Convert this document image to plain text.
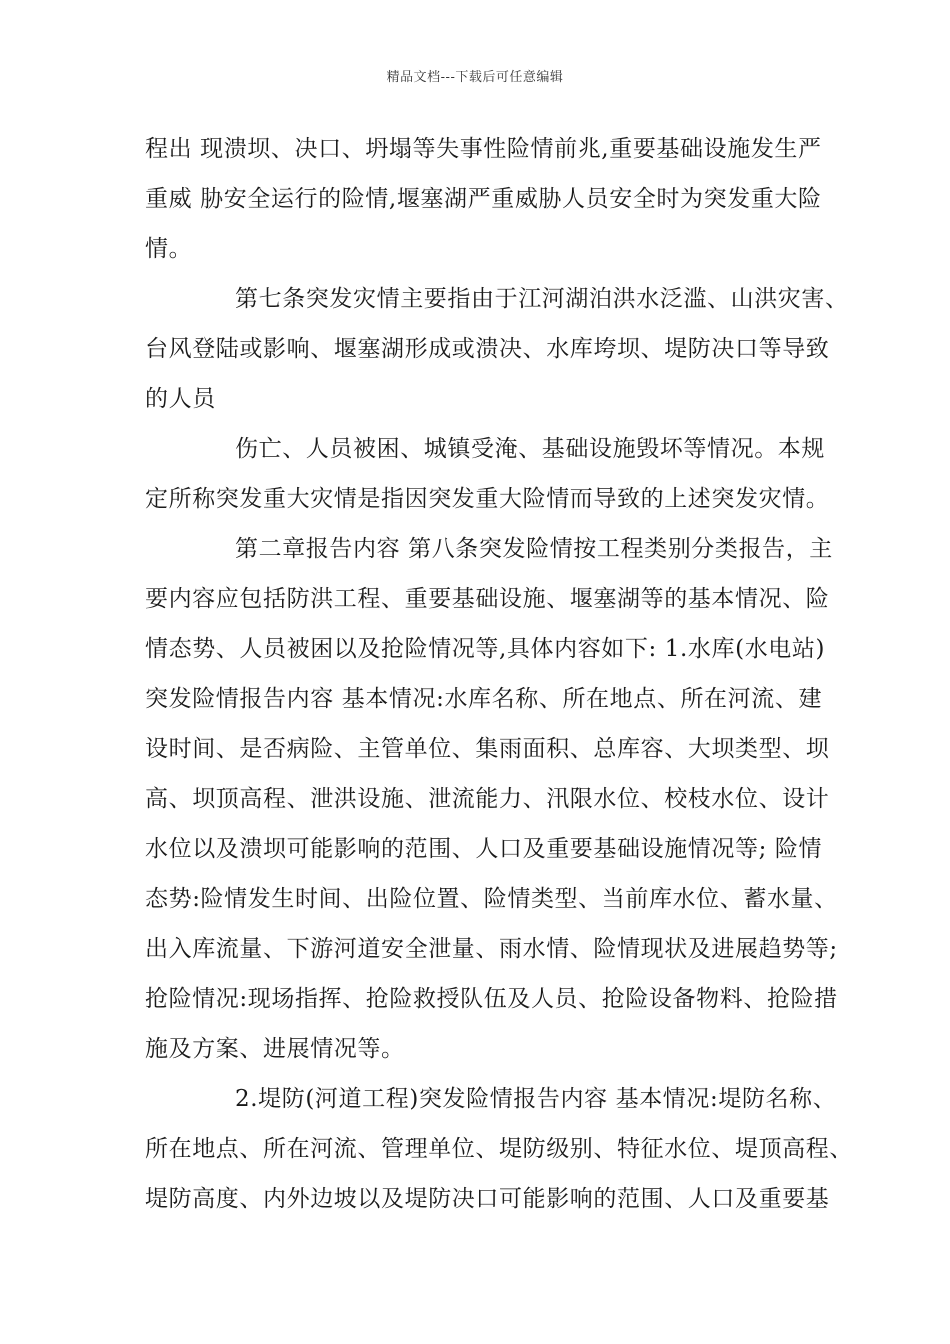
精品文档---下载后可任意编辑
程出 现溃坝、决口、坍塌等失事性险情前兆,重要基础设施发生严
重威 胁安全运行的险情,堰塞湖严重威胁人员安全时为突发重大险
情。
第七条突发灾情主要指由于江河湖泊洪水泛滥、山洪灾害、
台风登陆或影响、堰塞湖形成或溃决、水库垮坝、堤防决口等导致
的人员
伤亡、人员被困、城镇受淹、基础设施毁坏等情况。本规
定所称突发重大灾情是指因突发重大险情而导致的上述突发灾情。
第二章报告内容 第八条突发险情按工程类别分类报告，主
要内容应包括防洪工程、重要基础设施、堰塞湖等的基本情况、险
情态势、人员被困以及抢险情况等,具体内容如下: 1.水库(水电站)
突发险情报告内容 基本情况:水库名称、所在地点、所在河流、建
设时间、是否病险、主管单位、集雨面积、总库容、大坝类型、坝
高、坝顶高程、泄洪设施、泄流能力、汛限水位、校枝水位、设计
水位以及溃坝可能影响的范围、人口及重要基础设施情况等; 险情
态势:险情发生时间、出险位置、险情类型、当前库水位、蓄水量、
出入库流量、下游河道安全泄量、雨水情、险情现状及进展趋势等;
抢险情况:现场指挥、抢险救授队伍及人员、抢险设备物料、抢险措
施及方案、进展情况等。
2.堤防(河道工程)突发险情报告内容 基本情况:堤防名称、
所在地点、所在河流、管理单位、堤防级别、特征水位、堤顶高程、
堤防高度、内外边坡以及堤防决口可能影响的范围、人口及重要基
